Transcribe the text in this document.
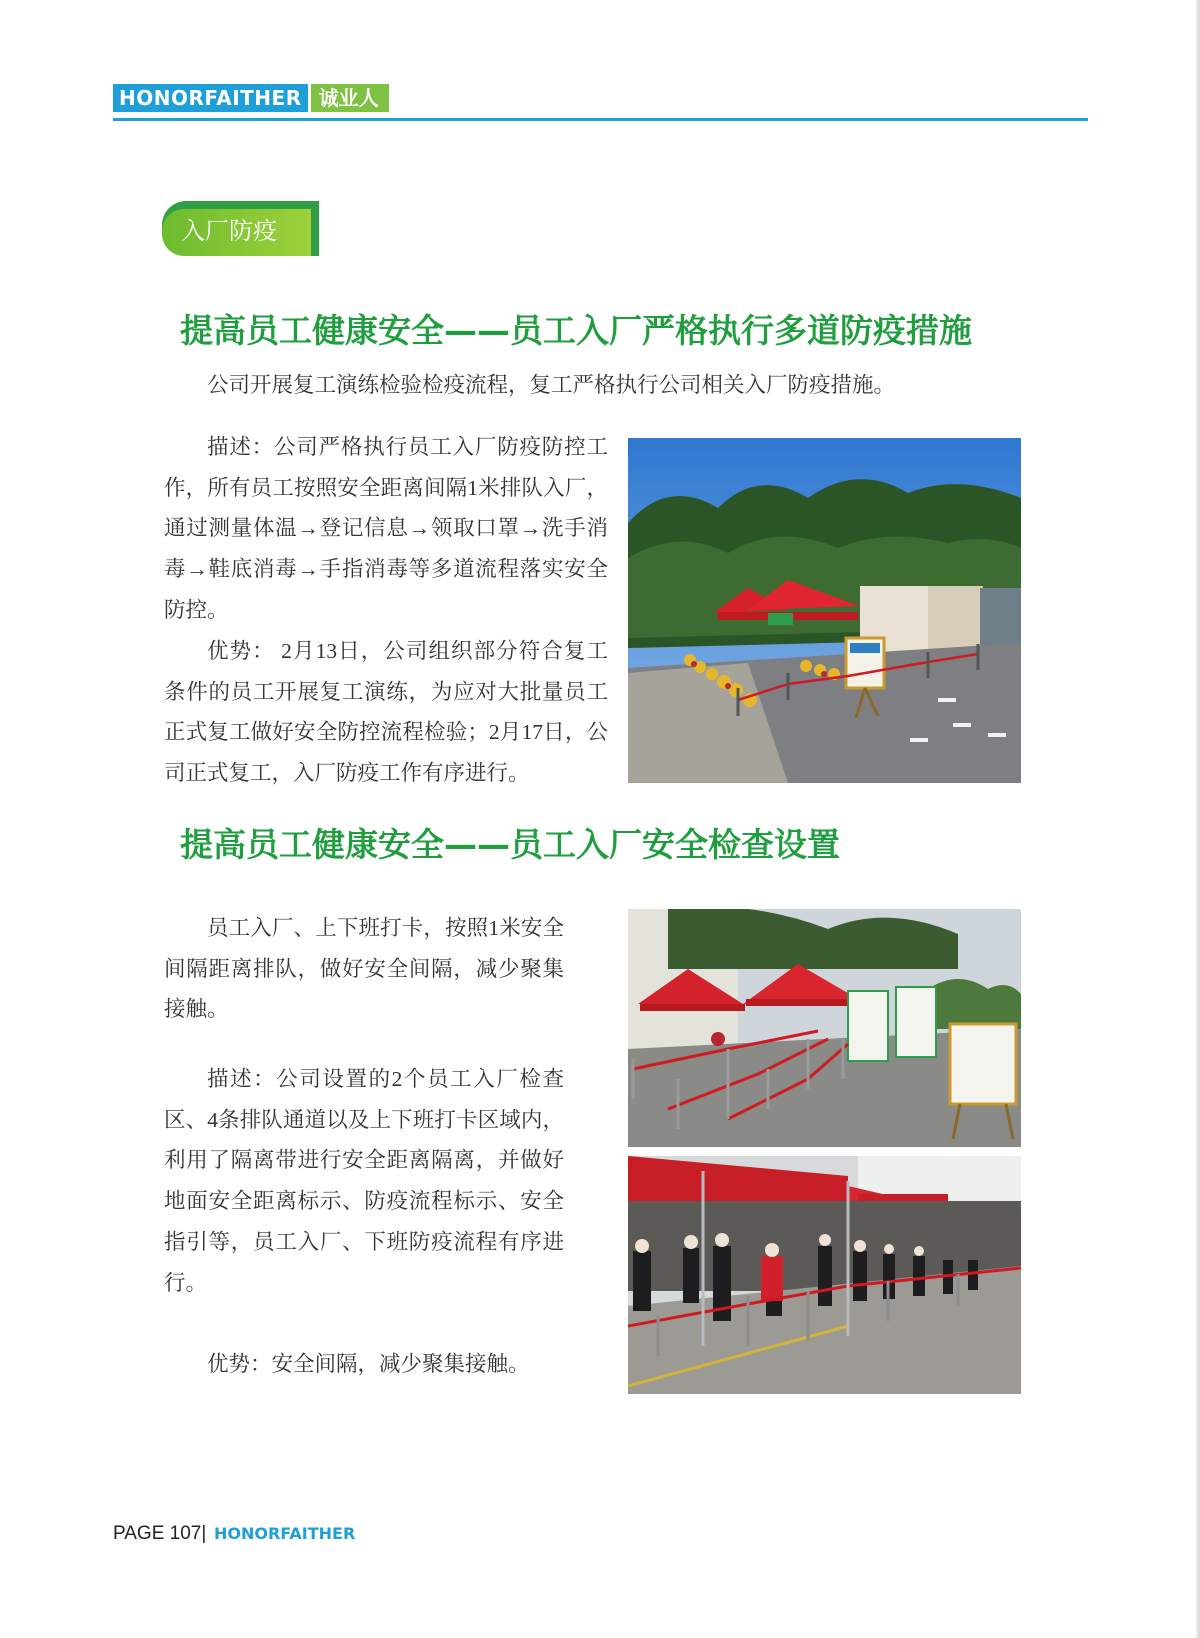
HONORFAITHER 诚业人
入厂防疫
提高员工健康安全——员工入厂严格执行多道防疫措施

公司开展复工演练检验检疫流程，复工严格执行公司相关入厂防疫措施。

描述：公司严格执行员工入厂防疫防控工作，所有员工按照安全距离间隔1米排队入厂，通过测量体温→登记信息→领取口罩→洗手消毒→鞋底消毒→手指消毒等多道流程落实安全防控。

优势： 2月13日，公司组织部分符合复工条件的员工开展复工演练，为应对大批量员工正式复工做好安全防控流程检验；2月17日，公司正式复工，入厂防疫工作有序进行。

提高员工健康安全——员工入厂安全检查设置

员工入厂、上下班打卡，按照1米安全间隔距离排队，做好安全间隔，减少聚集接触。

描述：公司设置的2个员工入厂检查区、4条排队通道以及上下班打卡区域内，利用了隔离带进行安全距离隔离，并做好地面安全距离标示、防疫流程标示、安全指引等，员工入厂、下班防疫流程有序进行。

优势：安全间隔，减少聚集接触。

PAGE 107| HONORFAITHER
